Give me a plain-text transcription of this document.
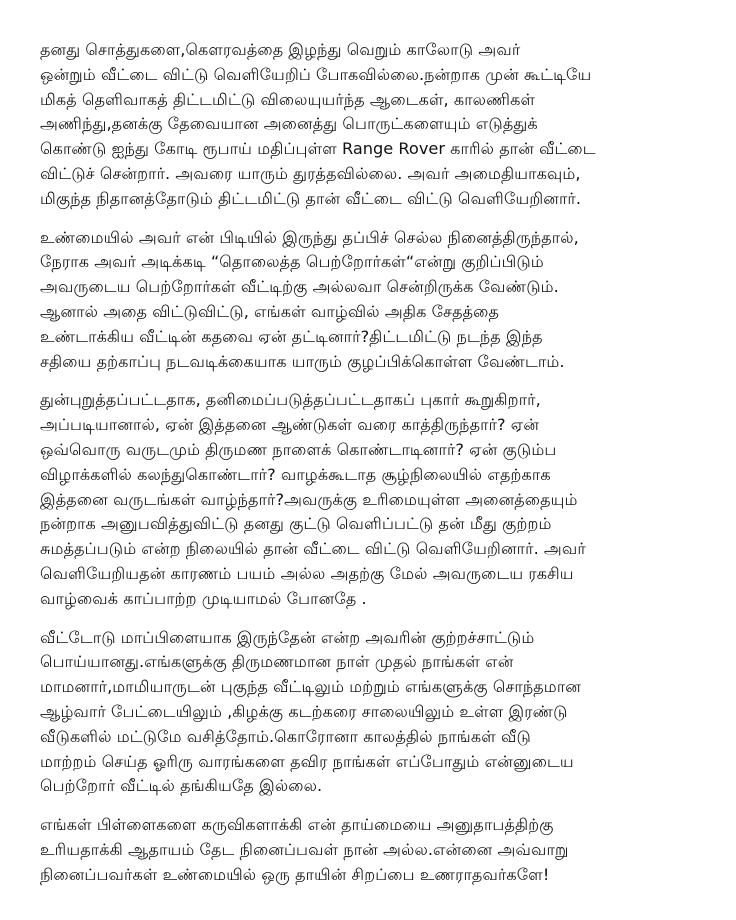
தனது சொத்துகளை,கௌரவத்தை இழந்து வெறும் காலோடு அவர்
ஒன்றும் வீட்டை விட்டு வெளியேறிப் போகவில்லை.நன்றாக முன் கூட்டியே
மிகத் தெளிவாகத் திட்டமிட்டு விலையுயர்ந்த ஆடைகள், காலணிகள்
அணிந்து,தனக்கு தேவையான அனைத்து பொருட்களையும் எடுத்துக்
கொண்டு ஐந்து கோடி ரூபாய் மதிப்புள்ள Range Rover காரில் தான் வீட்டை
விட்டுச் சென்றார். அவரை யாரும் துரத்தவில்லை. அவர் அமைதியாகவும்,
மிகுந்த நிதானத்தோடும் திட்டமிட்டு தான் வீட்டை விட்டு வெளியேறினார்.

உண்மையில் அவர் என் பிடியில் இருந்து தப்பிச் செல்ல நினைத்திருந்தால்,
நேராக அவர் அடிக்கடி “தொலைத்த பெற்றோர்கள்“என்று குறிப்பிடும்
அவருடைய பெற்றோர்கள் வீட்டிற்கு அல்லவா சென்றிருக்க வேண்டும்.
ஆனால் அதை விட்டுவிட்டு, எங்கள் வாழ்வில் அதிக சேதத்தை
உண்டாக்கிய வீட்டின் கதவை ஏன் தட்டினார்?திட்டமிட்டு நடந்த இந்த
சதியை தற்காப்பு நடவடிக்கையாக யாரும் குழப்பிக்கொள்ள வேண்டாம்.

துன்புறுத்தப்பட்டதாக, தனிமைப்படுத்தப்பட்டதாகப் புகார் கூறுகிறார்,
அப்படியானால், ஏன் இத்தனை ஆண்டுகள் வரை காத்திருந்தார்? ஏன்
ஒவ்வொரு வருடமும் திருமண நாளைக் கொண்டாடினார்? ஏன் குடும்ப
விழாக்களில் கலந்துகொண்டார்? வாழக்கூடாத சூழ்நிலையில் எதற்காக
இத்தனை வருடங்கள் வாழ்ந்தார்?அவருக்கு உரிமையுள்ள அனைத்தையும்
நன்றாக அனுபவித்துவிட்டு தனது குட்டு வெளிப்பட்டு தன் மீது குற்றம்
சுமத்தப்படும் என்ற நிலையில் தான் வீட்டை விட்டு வெளியேறினார். அவர்
வெளியேறியதன் காரணம் பயம் அல்ல அதற்கு மேல் அவருடைய ரகசிய
வாழ்வைக் காப்பாற்ற முடியாமல் போனதே .

வீட்டோடு மாப்பிளையாக இருந்தேன் என்ற அவரின் குற்றச்சாட்டும்
பொய்யானது.எங்களுக்கு திருமணமான நாள் முதல் நாங்கள் என்
மாமனார்,மாமியாருடன் புகுந்த வீட்டிலும் மற்றும் எங்களுக்கு சொந்தமான
ஆழ்வார் பேட்டையிலும் ,கிழக்கு கடற்கரை சாலையிலும் உள்ள இரண்டு
வீடுகளில் மட்டுமே வசித்தோம்.கொரோனா காலத்தில் நாங்கள் வீடு
மாற்றம் செய்த ஓரிரு வாரங்களை தவிர நாங்கள் எப்போதும் என்னுடைய
பெற்றோர் வீட்டில் தங்கியதே இல்லை.

எங்கள் பிள்ளைகளை கருவிகளாக்கி என் தாய்மையை அனுதாபத்திற்கு
உரியதாக்கி ஆதாயம் தேட நினைப்பவள் நான் அல்ல.என்னை அவ்வாறு
நினைப்பவர்கள் உண்மையில் ஒரு தாயின் சிறப்பை உணராதவர்களே!
